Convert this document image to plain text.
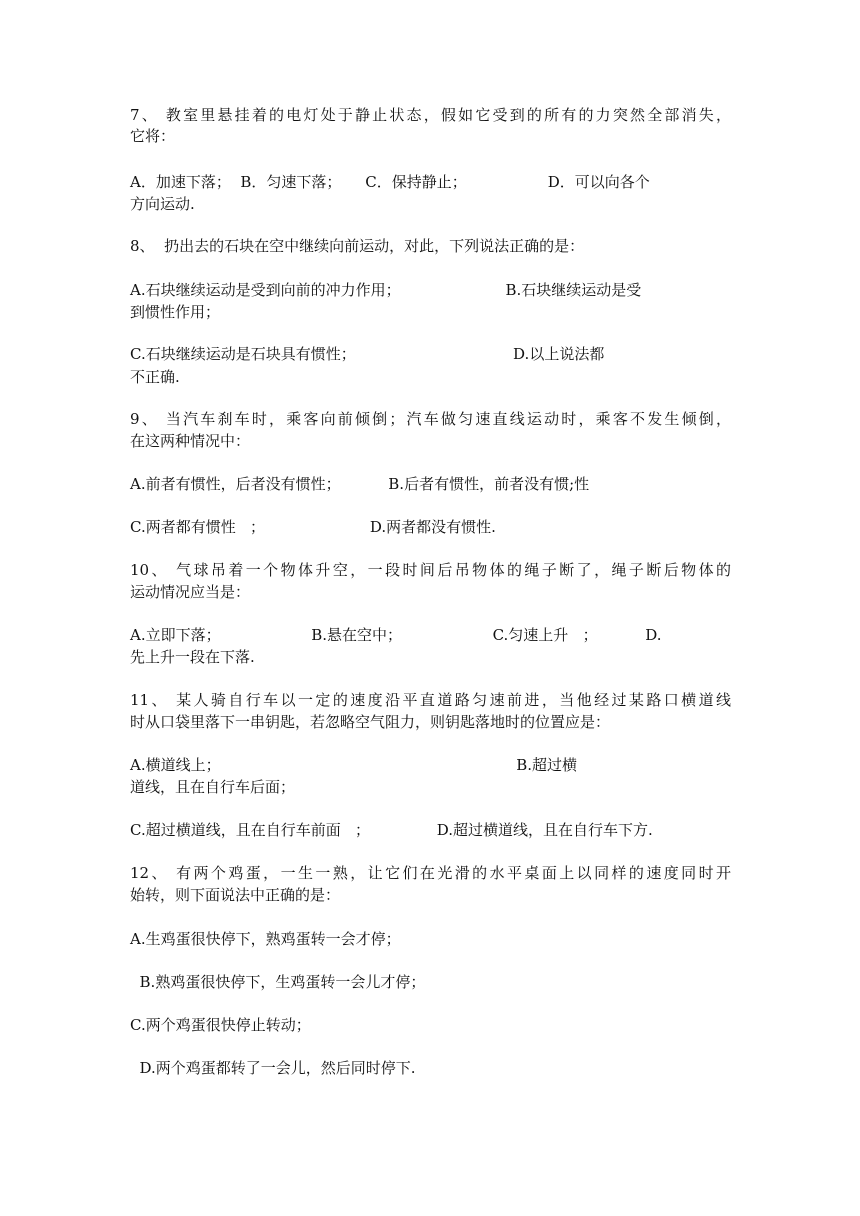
7、 教室里悬挂着的电灯处于静止状态，假如它受到的所有的力突然全部消失，

它将：

A．加速下落；  B．匀速下落；     C．保持静止；                 D．可以向各个

方向运动.

8、  扔出去的石块在空中继续向前运动，对此，下列说法正确的是：

A.石块继续运动是受到向前的冲力作用；                      B.石块继续运动是受

到惯性作用；

C.石块继续运动是石块具有惯性；                                 D.以上说法都

不正确.

9、 当汽车刹车时，乘客向前倾倒；汽车做匀速直线运动时，乘客不发生倾倒，

在这两种情况中：

A.前者有惯性，后者没有惯性；          B.后者有惯性，前者没有惯;性

C.两者都有惯性   ；                      D.两者都没有惯性.

10、 气球吊着一个物体升空，一段时间后吊物体的绳子断了，绳子断后物体的

运动情况应当是：

A.立即下落；                   B.悬在空中；                   C.匀速上升   ；          D.

先上升一段在下落.

11、 某人骑自行车以一定的速度沿平直道路匀速前进，当他经过某路口横道线

时从口袋里落下一串钥匙，若忽略空气阻力，则钥匙落地时的位置应是：

A.横道线上；                                                              B.超过横

道线，且在自行车后面；

C.超过横道线，且在自行车前面   ；              D.超过横道线，且在自行车下方.

12、 有两个鸡蛋，一生一熟，让它们在光滑的水平桌面上以同样的速度同时开

始转，则下面说法中正确的是：

A.生鸡蛋很快停下，熟鸡蛋转一会才停；

B.熟鸡蛋很快停下，生鸡蛋转一会儿才停；

C.两个鸡蛋很快停止转动；

D.两个鸡蛋都转了一会儿，然后同时停下.
